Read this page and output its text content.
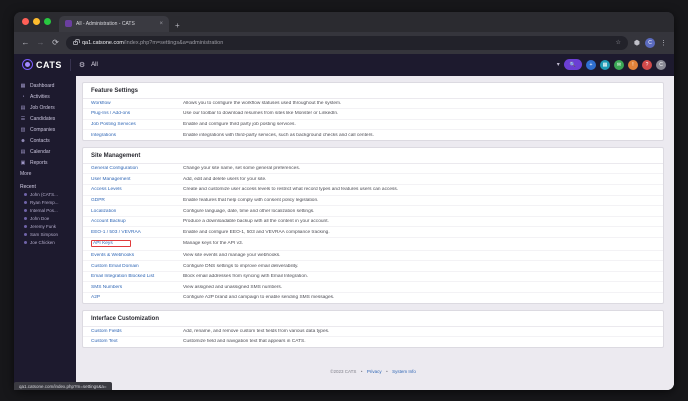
All - Administration - CATS	× +
← → ⟳	qa1.catsone.com/index.php?m=settings&a=administration	☆ ⬢	C	⋮
CATS ⚙ All	▾ 🔍	+	▦	✉	!	?	C
▦ Dashboard
◔ Activities
▤ Job Orders
☰ Candidates
▥ Companies
☻ Contacts
▤ Calendar
▣ Reports
More
Recent
John (CATS...
Ryan Fremp...
Internal Pos...
John Doe
Jeremy Funk
Sam Simpson
Joe Chicken
Feature Settings
Workflow	Allows you to configure the workflow statuses used throughout the system.
Plug-Ins / Add-ons	Use our toolbar to download resumes from sites like Monster or LinkedIn.
Job Posting Services	Enable and configure third party job posting services.
Integrations	Enable integrations with third-party services, such as background checks and call centers.
Site Management
General Configuration	Change your site name, set some general preferences.
User Management	Add, edit and delete users for your site.
Access Levels	Create and customize user access levels to restrict what record types and features users can access.
GDPR	Enable features that help comply with consent policy legislation.
Localization	Configure language, date, time and other localization settings.
Account Backup	Produce a downloadable backup with all the content in your account.
EEO-1 / 503 / VEVRAA	Enable and configure EEO-1, 503 and VEVRAA compliance tracking.
API Keys	Manage keys for the API v3.
Events & Webhooks	View site events and manage your webhooks.
Custom Email Domain	Configure DNS settings to improve email deliverability.
Email Integration Blocked List	Block email addresses from syncing with Email Integration.
SMS Numbers	View assigned and unassigned SMS numbers.
A2P	Configure A2P brand and campaign to enable sending SMS messages.
Interface Customization
Custom Fields	Add, rename, and remove custom text fields from various data types.
Custom Text	Customize field and navigation text that appears in CATS.
©2023 CATS • Privacy • System Info
qa1.catsone.com/index.php?m=settings&a=
